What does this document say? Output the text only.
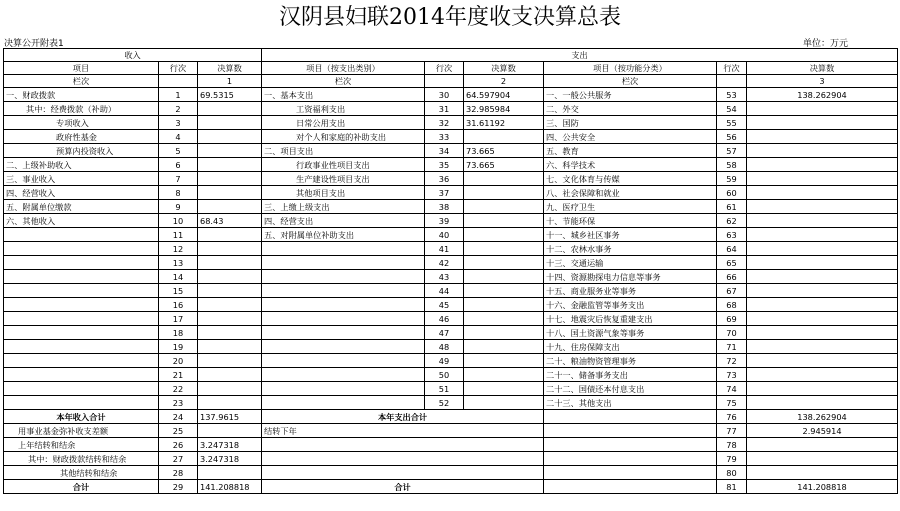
汉阴县妇联2014年度收支决算总表
决算公开附表1	单位：万元
收入			支出					
项目	行次	决算数	项目（按支出类别）	行次	决算数	项目（按功能分类）	行次	决算数
栏次		1	栏次		2	栏次		3
一、财政拨款	1	69.5315	一、基本支出	30	64.597904	一、一般公共服务	53	138.262904
其中：经费拨款（补助）	2		工资福利支出	31	32.985984	二、外交	54	
专项收入	3		日常公用支出	32	31.61192	三、国防	55	
政府性基金	4		对个人和家庭的补助支出	33		四、公共安全	56	
预算内投资收入	5		二、项目支出	34	73.665	五、教育	57	
二、上级补助收入	6		行政事业性项目支出	35	73.665	六、科学技术	58	
三、事业收入	7		生产建设性项目支出	36		七、文化体育与传媒	59	
四、经营收入	8		其他项目支出	37		八、社会保障和就业	60	
五、附属单位缴款	9		三、上缴上级支出	38		九、医疗卫生	61	
六、其他收入	10	68.43	四、经营支出	39		十、节能环保	62	
	11		五、对附属单位补助支出	40		十一、城乡社区事务	63	
	12			41		十二、农林水事务	64	
	13			42		十三、交通运输	65	
	14			43		十四、资源勘探电力信息等事务	66	
	15			44		十五、商业服务业等事务	67	
	16			45		十六、金融监管等事务支出	68	
	17			46		十七、地震灾后恢复重建支出	69	
	18			47		十八、国土资源气象等事务	70	
	19			48		十九、住房保障支出	71	
	20			49		二十、粮油物资管理事务	72	
	21			50		二十一、储备事务支出	73	
	22			51		二十二、国债还本付息支出	74	
	23			52		二十三、其他支出	75	
本年收入合计	24	137.9615	本年支出合计				76	138.262904
用事业基金弥补收支差额	25		结转下年				77	2.945914
上年结转和结余	26	3.247318					78	
其中：财政拨款结转和结余	27	3.247318					79	
其他结转和结余	28						80	
合计	29	141.208818	合计				81	141.208818
